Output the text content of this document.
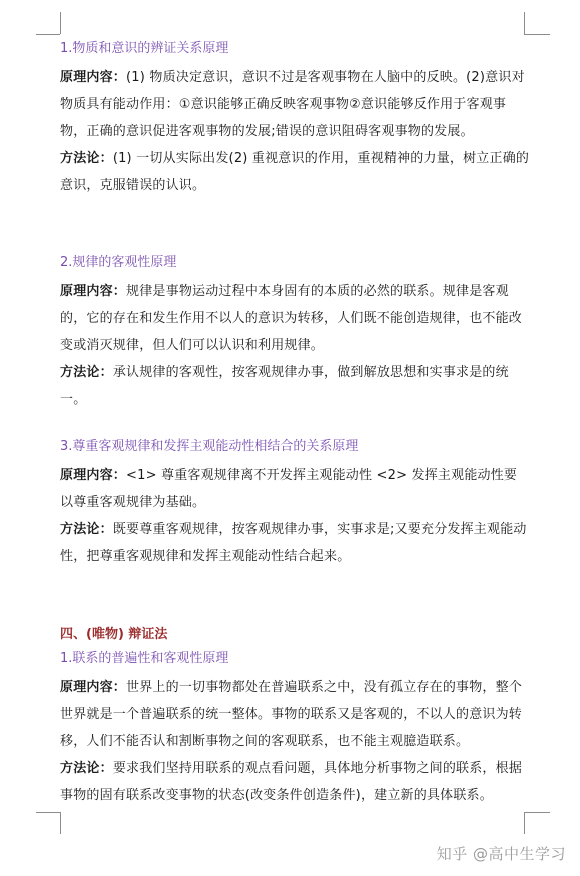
1.物质和意识的辨证关系原理

原理内容：(1) 物质决定意识，意识不过是客观事物在人脑中的反映。(2)意识对物质具有能动作用：①意识能够正确反映客观事物②意识能够反作用于客观事物，正确的意识促进客观事物的发展;错误的意识阻碍客观事物的发展。

方法论：(1) 一切从实际出发(2) 重视意识的作用，重视精神的力量，树立正确的意识，克服错误的认识。

2.规律的客观性原理

原理内容：规律是事物运动过程中本身固有的本质的必然的联系。规律是客观的，它的存在和发生作用不以人的意识为转移，人们既不能创造规律，也不能改变或消灭规律，但人们可以认识和利用规律。

方法论：承认规律的客观性，按客观规律办事，做到解放思想和实事求是的统一。

3.尊重客观规律和发挥主观能动性相结合的关系原理

原理内容：<1> 尊重客观规律离不开发挥主观能动性 <2> 发挥主观能动性要以尊重客观规律为基础。

方法论：既要尊重客观规律，按客观规律办事，实事求是;又要充分发挥主观能动性，把尊重客观规律和发挥主观能动性结合起来。

四、(唯物) 辩证法

1.联系的普遍性和客观性原理

原理内容：世界上的一切事物都处在普遍联系之中，没有孤立存在的事物，整个世界就是一个普遍联系的统一整体。事物的联系又是客观的，不以人的意识为转移，人们不能否认和割断事物之间的客观联系，也不能主观臆造联系。

方法论：要求我们坚持用联系的观点看问题，具体地分析事物之间的联系，根据事物的固有联系改变事物的状态(改变条件创造条件)，建立新的具体联系。

知乎 @高中生学习
